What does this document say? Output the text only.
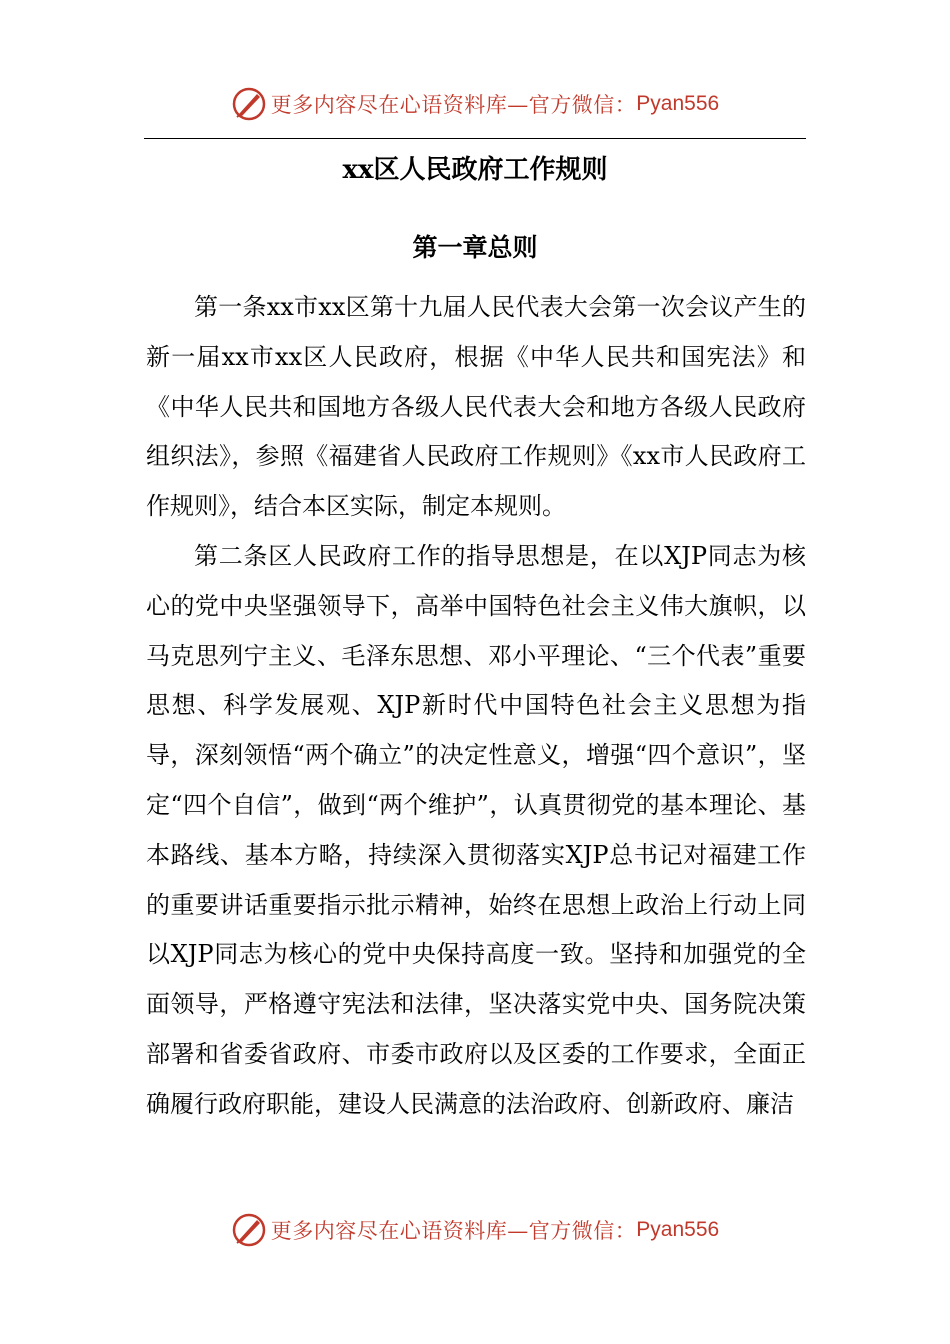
更多内容尽在心语资料库—官方微信： Pyan556
xx区人民政府工作规则
第一章总则

第一条xx市xx区第十九届人民代表大会第一次会议产生的新一届xx市xx区人民政府，根据《中华人民共和国宪法》和《中华人民共和国地方各级人民代表大会和地方各级人民政府组织法》，参照《福建省人民政府工作规则》《xx市人民政府工作规则》，结合本区实际，制定本规则。

第二条区人民政府工作的指导思想是，在以XJP同志为核心的党中央坚强领导下，高举中国特色社会主义伟大旗帜，以马克思列宁主义、毛泽东思想、邓小平理论、“三个代表”重要思想、科学发展观、XJP新时代中国特色社会主义思想为指导，深刻领悟“两个确立”的决定性意义，增强“四个意识”，坚定“四个自信”，做到“两个维护”，认真贯彻党的基本理论、基本路线、基本方略，持续深入贯彻落实XJP总书记对福建工作的重要讲话重要指示批示精神，始终在思想上政治上行动上同以XJP同志为核心的党中央保持高度一致。坚持和加强党的全面领导，严格遵守宪法和法律，坚决落实党中央、国务院决策部署和省委省政府、市委市政府以及区委的工作要求，全面正确履行政府职能，建设人民满意的法治政府、创新政府、廉洁

更多内容尽在心语资料库—官方微信： Pyan556
